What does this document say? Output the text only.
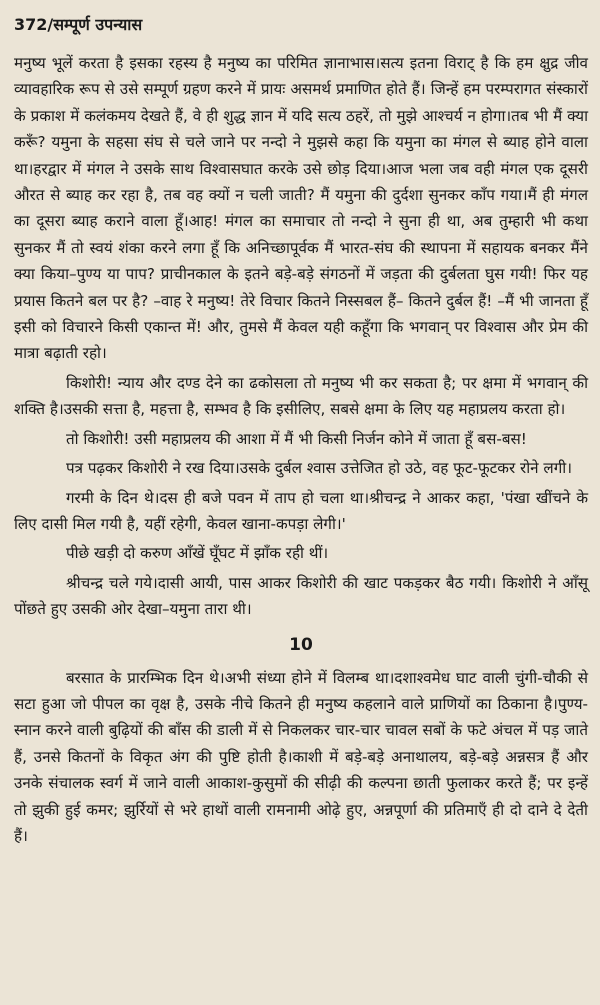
372/सम्पूर्ण उपन्यास

मनुष्य भूलें करता है इसका रहस्य है मनुष्य का परिमित ज्ञानाभास।सत्य इतना विराट् है कि हम क्षुद्र जीव व्यावहारिक रूप से उसे सम्पूर्ण ग्रहण करने में प्रायः असमर्थ प्रमाणित होते हैं। जिन्हें हम परम्परागत संस्कारों के प्रकाश में कलंकमय देखते हैं, वे ही शुद्ध ज्ञान में यदि सत्य ठहरें, तो मुझे आश्चर्य न होगा।तब भी मैं क्या करूँ? यमुना के सहसा संघ से चले जाने पर नन्दो ने मुझसे कहा कि यमुना का मंगल से ब्याह होने वाला था।हरद्वार में मंगल ने उसके साथ विश्वासघात करके उसे छोड़ दिया।आज भला जब वही मंगल एक दूसरी औरत से ब्याह कर रहा है, तब वह क्यों न चली जाती? मैं यमुना की दुर्दशा सुनकर काँप गया।मैं ही मंगल का दूसरा ब्याह कराने वाला हूँ।आह! मंगल का समाचार तो नन्दो ने सुना ही था, अब तुम्हारी भी कथा सुनकर मैं तो स्वयं शंका करने लगा हूँ कि अनिच्छापूर्वक मैं भारत-संघ की स्थापना में सहायक बनकर मैंने क्या किया–पुण्य या पाप? प्राचीनकाल के इतने बड़े-बड़े संगठनों में जड़ता की दुर्बलता घुस गयी! फिर यह प्रयास कितने बल पर है? –वाह रे मनुष्य! तेरे विचार कितने निस्सबल हैं– कितने दुर्बल हैं! –मैं भी जानता हूँ इसी को विचारने किसी एकान्त में! और, तुमसे मैं केवल यही कहूँगा कि भगवान् पर विश्वास और प्रेम की मात्रा बढ़ाती रहो।

किशोरी! न्याय और दण्ड देने का ढकोसला तो मनुष्य भी कर सकता है; पर क्षमा में भगवान् की शक्ति है।उसकी सत्ता है, महत्ता है, सम्भव है कि इसीलिए, सबसे क्षमा के लिए यह महाप्रलय करता हो।

तो किशोरी! उसी महाप्रलय की आशा में मैं भी किसी निर्जन कोने में जाता हूँ बस-बस!

पत्र पढ़कर किशोरी ने रख दिया।उसके दुर्बल श्वास उत्तेजित हो उठे, वह फूट-फूटकर रोने लगी।

गरमी के दिन थे।दस ही बजे पवन में ताप हो चला था।श्रीचन्द्र ने आकर कहा, 'पंखा खींचने के लिए दासी मिल गयी है, यहीं रहेगी, केवल खाना-कपड़ा लेगी।'

पीछे खड़ी दो करुण आँखें घूँघट में झाँक रही थीं।

श्रीचन्द्र चले गये।दासी आयी, पास आकर किशोरी की खाट पकड़कर बैठ गयी। किशोरी ने आँसू पोंछते हुए उसकी ओर देखा–यमुना तारा थी।

10

बरसात के प्रारम्भिक दिन थे।अभी संध्या होने में विलम्ब था।दशाश्वमेध घाट वाली चुंगी-चौकी से सटा हुआ जो पीपल का वृक्ष है, उसके नीचे कितने ही मनुष्य कहलाने वाले प्राणियों का ठिकाना है।पुण्य-स्नान करने वाली बुढ़ियों की बाँस की डाली में से निकलकर चार-चार चावल सबों के फटे अंचल में पड़ जाते हैं, उनसे कितनों के विकृत अंग की पुष्टि होती है।काशी में बड़े-बड़े अनाथालय, बड़े-बड़े अन्नसत्र हैं और उनके संचालक स्वर्ग में जाने वाली आकाश-कुसुमों की सीढ़ी की कल्पना छाती फुलाकर करते हैं; पर इन्हें तो झुकी हुई कमर; झुर्रियों से भरे हाथों वाली रामनामी ओढ़े हुए, अन्नपूर्णा की प्रतिमाएँ ही दो दाने दे देती हैं।
